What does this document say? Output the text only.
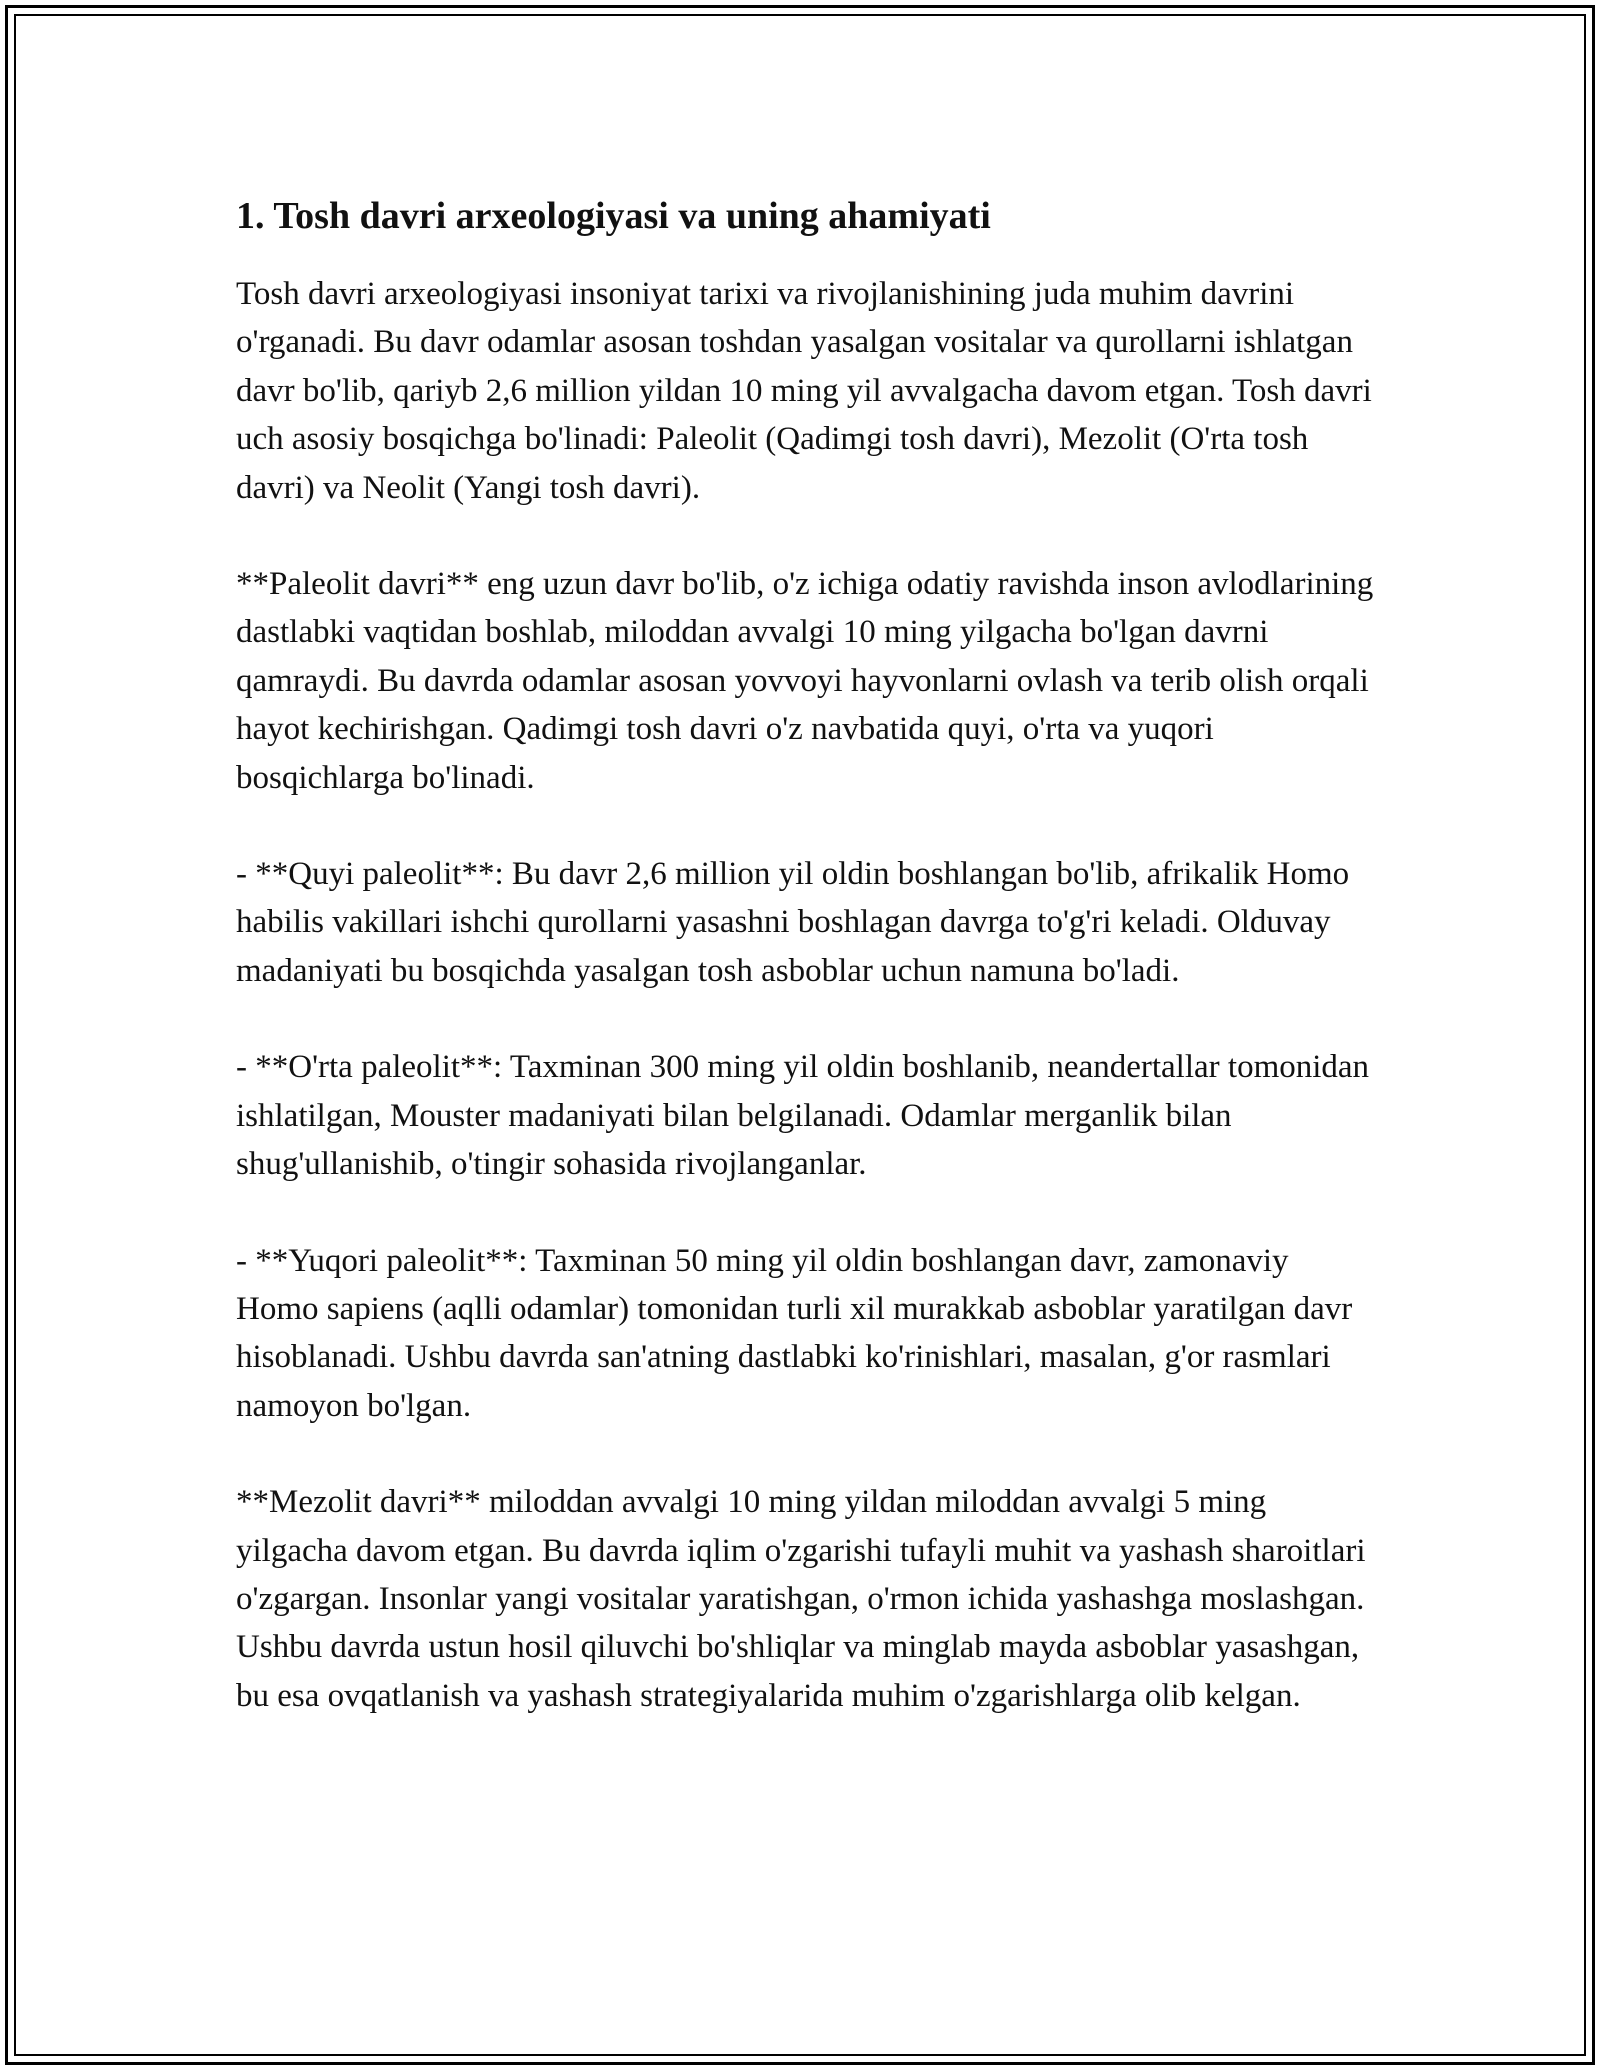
1. Tosh davri arxeologiyasi va uning ahamiyati

Tosh davri arxeologiyasi insoniyat tarixi va rivojlanishining juda muhim davrini o'rganadi. Bu davr odamlar asosan toshdan yasalgan vositalar va qurollarni ishlatgan davr bo'lib, qariyb 2,6 million yildan 10 ming yil avvalgacha davom etgan. Tosh davri uch asosiy bosqichga bo'linadi: Paleolit (Qadimgi tosh davri), Mezolit (O'rta tosh davri) va Neolit (Yangi tosh davri).

**Paleolit davri** eng uzun davr bo'lib, o'z ichiga odatiy ravishda inson avlodlarining dastlabki vaqtidan boshlab, miloddan avvalgi 10 ming yilgacha bo'lgan davrni qamraydi. Bu davrda odamlar asosan yovvoyi hayvonlarni ovlash va terib olish orqali hayot kechirishgan. Qadimgi tosh davri o'z navbatida quyi, o'rta va yuqori bosqichlarga bo'linadi.

- **Quyi paleolit**: Bu davr 2,6 million yil oldin boshlangan bo'lib, afrikalik Homo habilis vakillari ishchi qurollarni yasashni boshlagan davrga to'g'ri keladi. Olduvay madaniyati bu bosqichda yasalgan tosh asboblar uchun namuna bo'ladi.

- **O'rta paleolit**: Taxminan 300 ming yil oldin boshlanib, neandertallar tomonidan ishlatilgan, Mouster madaniyati bilan belgilanadi. Odamlar merganlik bilan shug'ullanishib, o'tingir sohasida rivojlanganlar.

- **Yuqori paleolit**: Taxminan 50 ming yil oldin boshlangan davr, zamonaviy Homo sapiens (aqlli odamlar) tomonidan turli xil murakkab asboblar yaratilgan davr hisoblanadi. Ushbu davrda san'atning dastlabki ko'rinishlari, masalan, g'or rasmlari namoyon bo'lgan.

**Mezolit davri** miloddan avvalgi 10 ming yildan miloddan avvalgi 5 ming yilgacha davom etgan. Bu davrda iqlim o'zgarishi tufayli muhit va yashash sharoitlari o'zgargan. Insonlar yangi vositalar yaratishgan, o'rmon ichida yashashga moslashgan. Ushbu davrda ustun hosil qiluvchi bo'shliqlar va minglab mayda asboblar yasashgan, bu esa ovqatlanish va yashash strategiyalarida muhim o'zgarishlarga olib kelgan.
